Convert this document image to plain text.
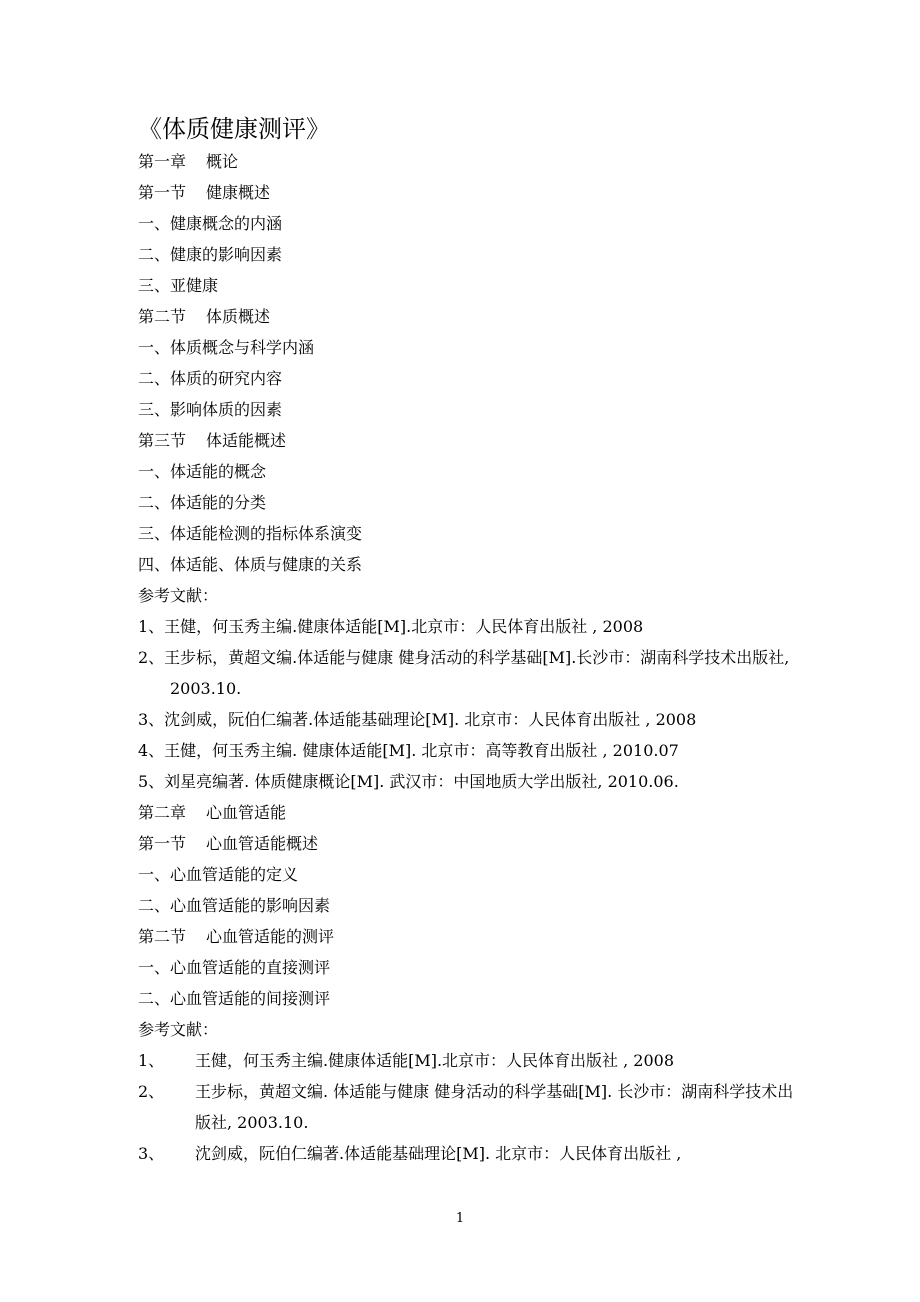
《体质健康测评》
第一章 概论
第一节 健康概述
一、健康概念的内涵
二、健康的影响因素
三、亚健康
第二节 体质概述
一、体质概念与科学内涵
二、体质的研究内容
三、影响体质的因素
第三节 体适能概述
一、体适能的概念
二、体适能的分类
三、体适能检测的指标体系演变
四、体适能、体质与健康的关系
参考文献：
1、王健，何玉秀主编.健康体适能[M].北京市：人民体育出版社 , 2008
2、王步标，黄超文编.体适能与健康 健身活动的科学基础[M].长沙市：湖南科学技术出版社, 2003.10.
3、沈剑威，阮伯仁编著.体适能基础理论[M]. 北京市：人民体育出版社 , 2008
4、王健，何玉秀主编. 健康体适能[M]. 北京市：高等教育出版社 , 2010.07
5、刘星亮编著. 体质健康概论[M]. 武汉市：中国地质大学出版社, 2010.06.
第二章 心血管适能
第一节 心血管适能概述
一、心血管适能的定义
二、心血管适能的影响因素
第二节 心血管适能的测评
一、心血管适能的直接测评
二、心血管适能的间接测评
参考文献：
1、	王健，何玉秀主编.健康体适能[M].北京市：人民体育出版社 , 2008
2、	王步标，黄超文编. 体适能与健康 健身活动的科学基础[M]. 长沙市：湖南科学技术出版社, 2003.10.
3、	沈剑威，阮伯仁编著.体适能基础理论[M]. 北京市：人民体育出版社 ,
1
